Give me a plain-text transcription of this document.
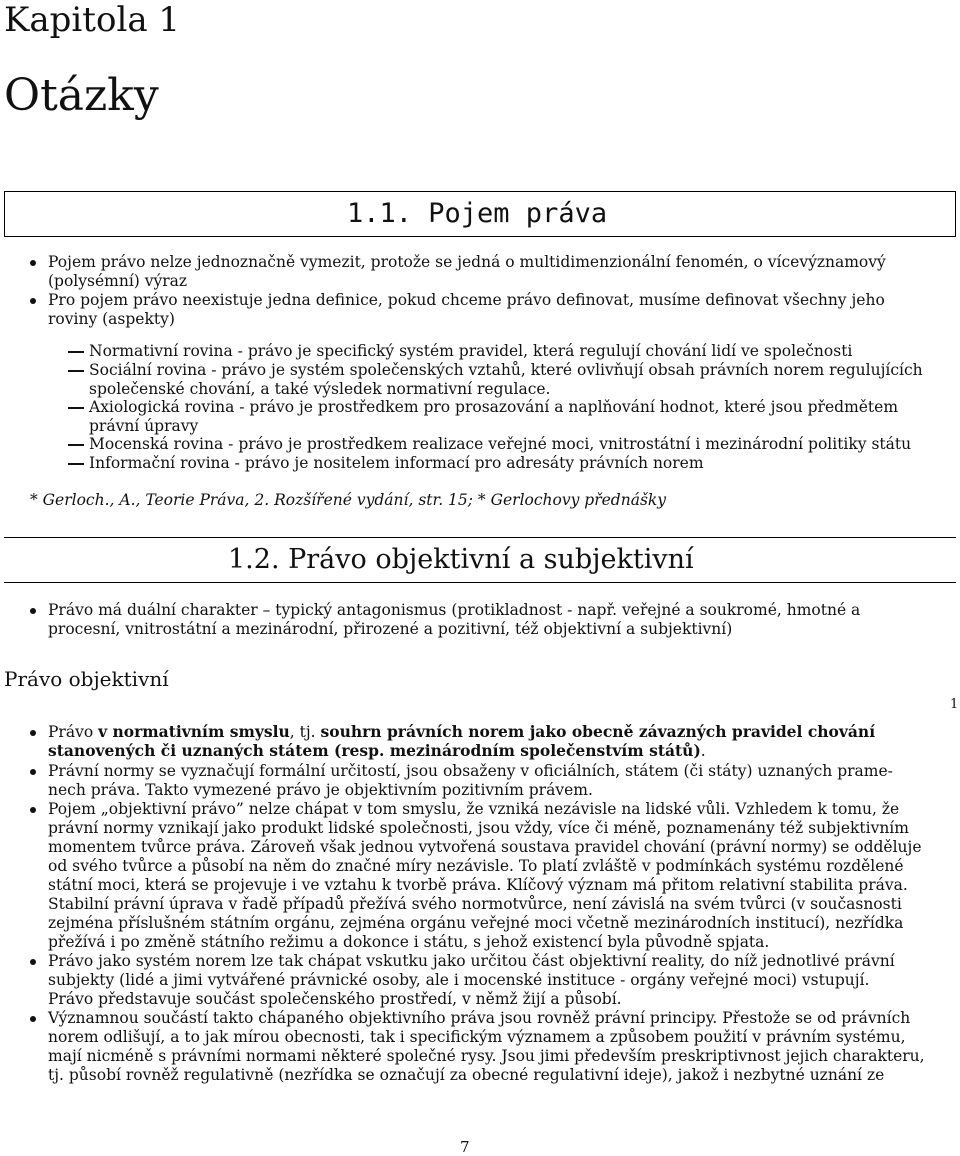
Kapitola 1
Otázky
1.1. Pojem práva
Pojem právo nelze jednoznačně vymezit, protože se jedná o multidimenzionální fenomén, o vícevýznamový
(polysémní) výraz
Pro pojem právo neexistuje jedna definice, pokud chceme právo definovat, musíme definovat všechny jeho
roviny (aspekty)
Normativní rovina - právo je specifický systém pravidel, která regulují chování lidí ve společnosti
Sociální rovina - právo je systém společenských vztahů, které ovlivňují obsah právních norem regulujících
společenské chování, a také výsledek normativní regulace.
Axiologická rovina - právo je prostředkem pro prosazování a naplňování hodnot, které jsou předmětem
právní úpravy
Mocenská rovina - právo je prostředkem realizace veřejné moci, vnitrostátní i mezinárodní politiky státu
Informační rovina - právo je nositelem informací pro adresáty právních norem
* Gerloch., A., Teorie Práva, 2. Rozšířené vydání, str. 15; * Gerlochovy přednášky
1.2. Právo objektivní a subjektivní
Právo má duální charakter – typický antagonismus (protikladnost - např. veřejné a soukromé, hmotné a
procesní, vnitrostátní a mezinárodní, přirozené a pozitivní, též objektivní a subjektivní)
Právo objektivní
1
Právo v normativním smyslu, tj. souhrn právních norem jako obecně závazných pravidel chování
stanovených či uznaných státem (resp. mezinárodním společenstvím států).
Právní normy se vyznačují formální určitostí, jsou obsaženy v oficiálních, státem (či státy) uznaných prame-
nech práva. Takto vymezené právo je objektivním pozitivním právem.
Pojem „objektivní právo” nelze chápat v tom smyslu, že vzniká nezávisle na lidské vůli. Vzhledem k tomu, že
právní normy vznikají jako produkt lidské společnosti, jsou vždy, více či méně, poznamenány též subjektivním
momentem tvůrce práva. Zároveň však jednou vytvořená soustava pravidel chování (právní normy) se odděluje
od svého tvůrce a působí na něm do značné míry nezávisle. To platí zvláště v podmínkách systému rozdělené
státní moci, která se projevuje i ve vztahu k tvorbě práva. Klíčový význam má přitom relativní stabilita práva.
Stabilní právní úprava v řadě případů přežívá svého normotvůrce, není závislá na svém tvůrci (v současnosti
zejména příslušném státním orgánu, zejména orgánu veřejné moci včetně mezinárodních institucí), nezřídka
přežívá i po změně státního režimu a dokonce i státu, s jehož existencí byla původně spjata.
Právo jako systém norem lze tak chápat vskutku jako určitou část objektivní reality, do níž jednotlivé právní
subjekty (lidé a jimi vytvářené právnické osoby, ale i mocenské instituce - orgány veřejné moci) vstupují.
Právo představuje součást společenského prostředí, v němž žijí a působí.
Významnou součástí takto chápaného objektivního práva jsou rovněž právní principy. Přestože se od právních
norem odlišují, a to jak mírou obecnosti, tak i specifickým významem a způsobem použití v právním systému,
mají nicméně s právními normami některé společné rysy. Jsou jimi především preskriptivnost jejich charakteru,
tj. působí rovněž regulativně (nezřídka se označují za obecné regulativní ideje), jakož i nezbytné uznání ze
7
